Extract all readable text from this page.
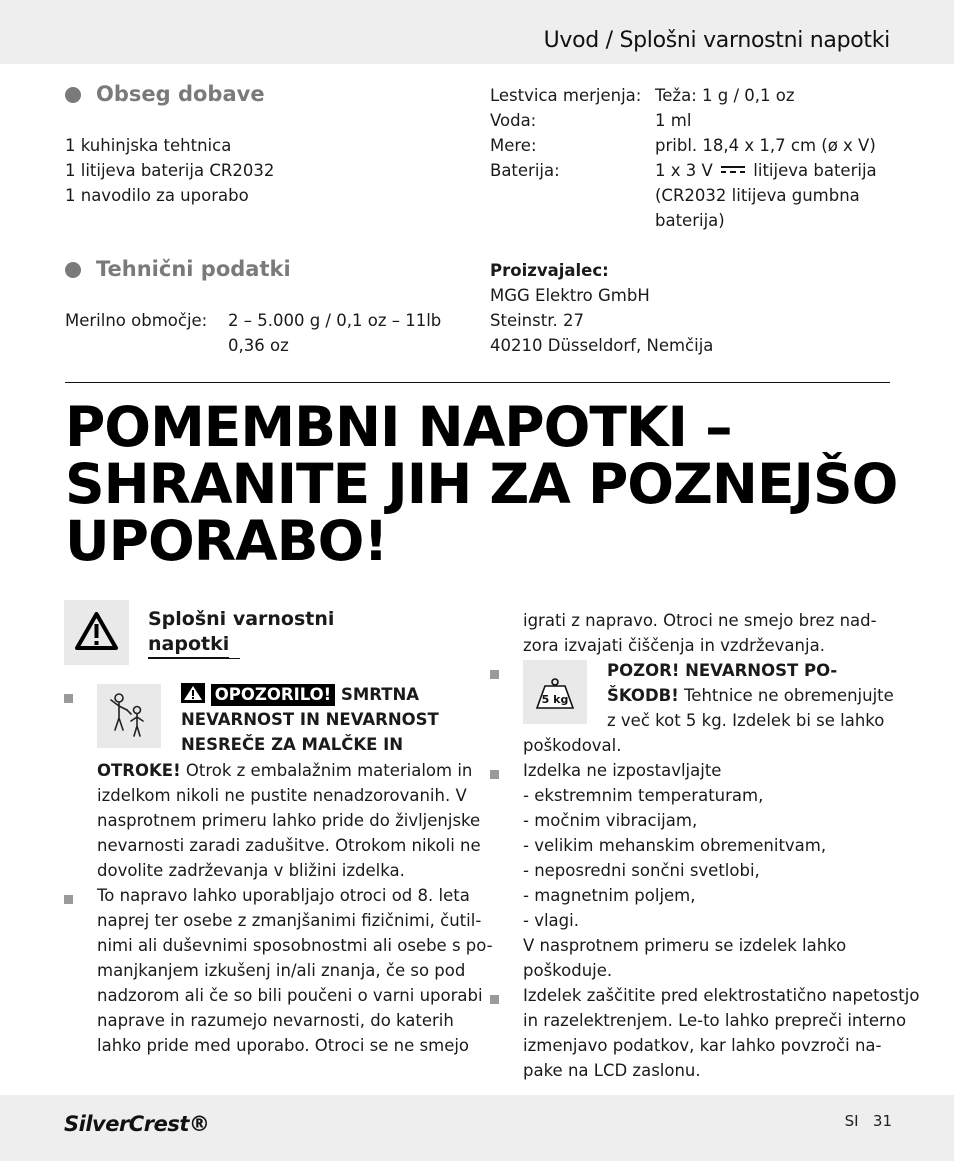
Uvod / Splošni varnostni napotki
Obseg dobave
1 kuhinjska tehtnica
1 litijeva baterija CR2032
1 navodilo za uporabo
Tehnični podatki
Merilno območje: 2 – 5.000 g / 0,1 oz – 11lb
0,36 oz
Lestvica merjenja: Teža: 1 g / 0,1 oz
Voda:	1 ml
Mere:	pribl. 18,4 x 1,7 cm (ø x V)
Baterija:	1 x 3 V litijeva baterija
(CR2032 litijeva gumbna
baterija)
Proizvajalec:
MGG Elektro GmbH
Steinstr. 27
40210 Düsseldorf, Nemčija
POMEMBNI NAPOTKI –
SHRANITE JIH ZA POZNEJŠO
UPORABO!
Splošni varnostni
napotki
OPOZORILO! SMRTNA
NEVARNOST IN NEVARNOST
NESREČE ZA MALČKE IN
OTROKE! Otrok z embalažnim materialom in
izdelkom nikoli ne pustite nenadzorovanih. V
nasprotnem primeru lahko pride do življenjske
nevarnosti zaradi zadušitve. Otrokom nikoli ne
dovolite zadrževanja v bližini izdelka.
To napravo lahko uporabljajo otroci od 8. leta
naprej ter osebe z zmanjšanimi fizičnimi, čutil-
nimi ali duševnimi sposobnostmi ali osebe s po-
manjkanjem izkušenj in/ali znanja, če so pod
nadzorom ali če so bili poučeni o varni uporabi
naprave in razumejo nevarnosti, do katerih
lahko pride med uporabo. Otroci se ne smejo
igrati z napravo. Otroci ne smejo brez nad-
zora izvajati čiščenja in vzdrževanja.
5 kg
POZOR! NEVARNOST PO-
ŠKODB! Tehtnice ne obremenjujte
z več kot 5 kg. Izdelek bi se lahko
poškodoval.
Izdelka ne izpostavljajte
- ekstremnim temperaturam,
- močnim vibracijam,
- velikim mehanskim obremenitvam,
- neposredni sončni svetlobi,
- magnetnim poljem,
- vlagi.
V nasprotnem primeru se izdelek lahko
poškoduje.
Izdelek zaščitite pred elektrostatično napetostjo
in razelektrenjem. Le-to lahko prepreči interno
izmenjavo podatkov, kar lahko povzroči na-
pake na LCD zaslonu.
SilverCrest®	SI 31
